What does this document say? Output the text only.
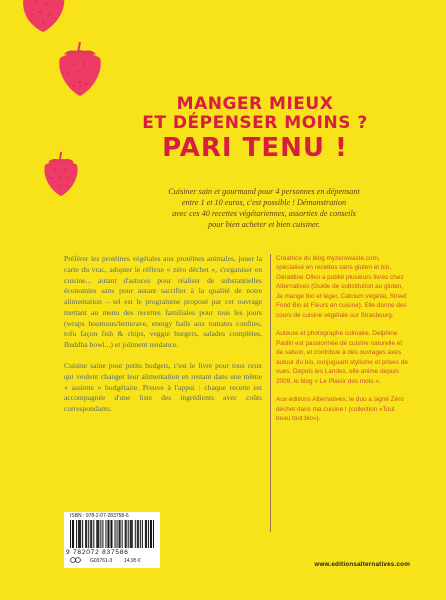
MANGER MIEUX
ET DÉPENSER MOINS ?
PARI TENU !
Cuisiner sain et gourmand pour 4 personnes en dépensant
entre 1 et 10 euros, c'est possible ! Démonstration
avec ces 40 recettes végétariennes, assorties de conseils
pour bien acheter et bien cuisiner.

Préférer les protéines végétales aux protéines animales, jouer la carte du vrac, adopter le réflexe « zéro déchet », s'organiser en cuisine... autant d'astuces pour réaliser de substantielles économies sans pour autant sacrifier à la qualité de notre alimentation – tel est le programme proposé par cet ouvrage mettant au menu des recettes familiales pour tous les jours (wraps houmous/betterave, energy balls aux tomates confites, tofu façon fish & chips, veggie burgers, salades complètes, Buddha bowl...) et joliment tendance.

Cuisine saine pour petits budgets, c'est le livre pour tous ceux qui veulent changer leur alimentation en restant dans une même « assiette » budgétaire. Preuve à l'appui : chaque recette est accompagnée d'une liste des ingrédients avec coûts correspondants.

Créatrice du blog myzerowaste.com, spécialisé en recettes sans gluten et bio, Géraldine Olivo a publié plusieurs livres chez Alternatives (Guide de substitution au gluten, Je mange bio et léger, Calcium végétal, Street Food Bio et Fleurs en cuisine). Elle donne des cours de cuisine végétale sur Strasbourg.

Auteure et photographe culinaire, Delphine Paslin est passionnée de cuisine naturelle et de saison, et contribue à des ouvrages axés autour du bio, conjuguant stylisme et prises de vues. Depuis les Landes, elle anime depuis 2009, le blog « Le Plaisir des mots ».

Aux éditions Alternatives, le duo a signé Zéro déchet dans ma cuisine ! (collection «Tout beau tout bio»).

ISBN : 978-2-07-283758-6
9 782072 837586
G03761-3 14,95 €	www.editionsalternatives.com
